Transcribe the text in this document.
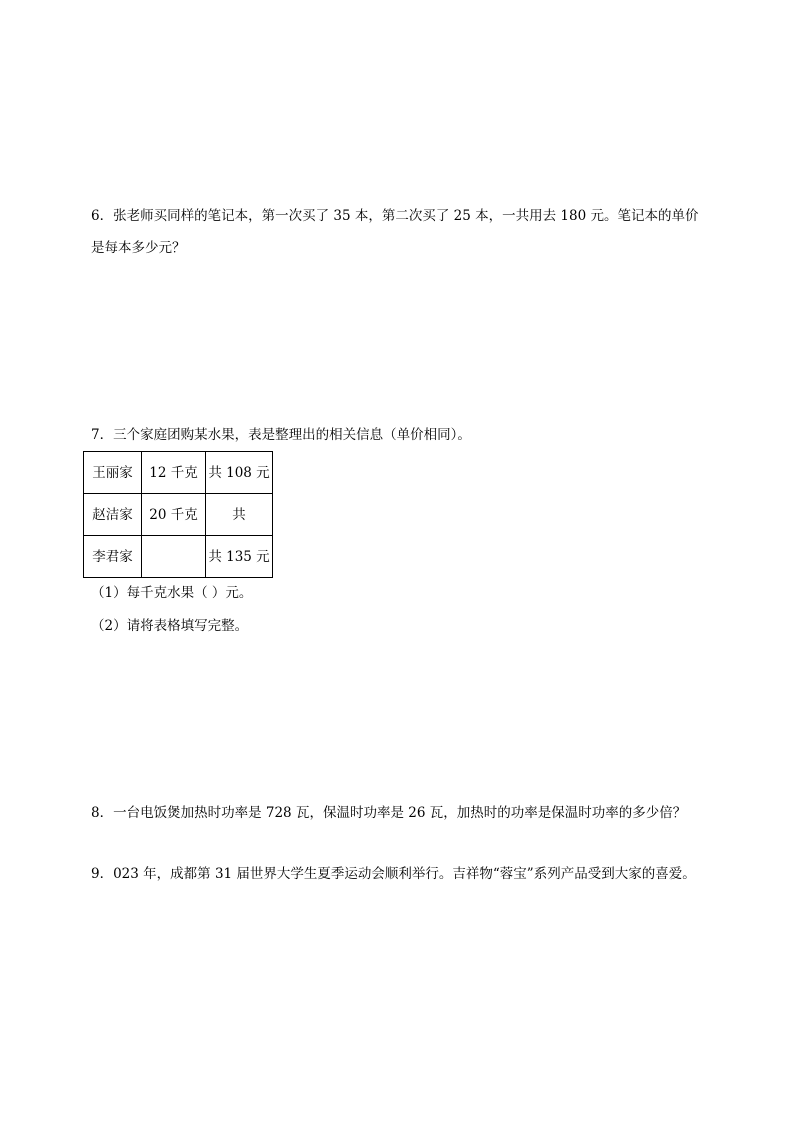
6．张老师买同样的笔记本，第一次买了 35 本，第二次买了 25 本，一共用去 180 元。笔记本的单价
是每本多少元？
7．三个家庭团购某水果，表是整理出的相关信息（单价相同）。
王丽家	12 千克	共 108 元
赵洁家	20 千克	共
李君家		共 135 元
（1）每千克水果（ ）元。
（2）请将表格填写完整。
8．一台电饭煲加热时功率是 728 瓦，保温时功率是 26 瓦，加热时的功率是保温时功率的多少倍？
9．023 年，成都第 31 届世界大学生夏季运动会顺利举行。吉祥物“蓉宝”系列产品受到大家的喜爱。
